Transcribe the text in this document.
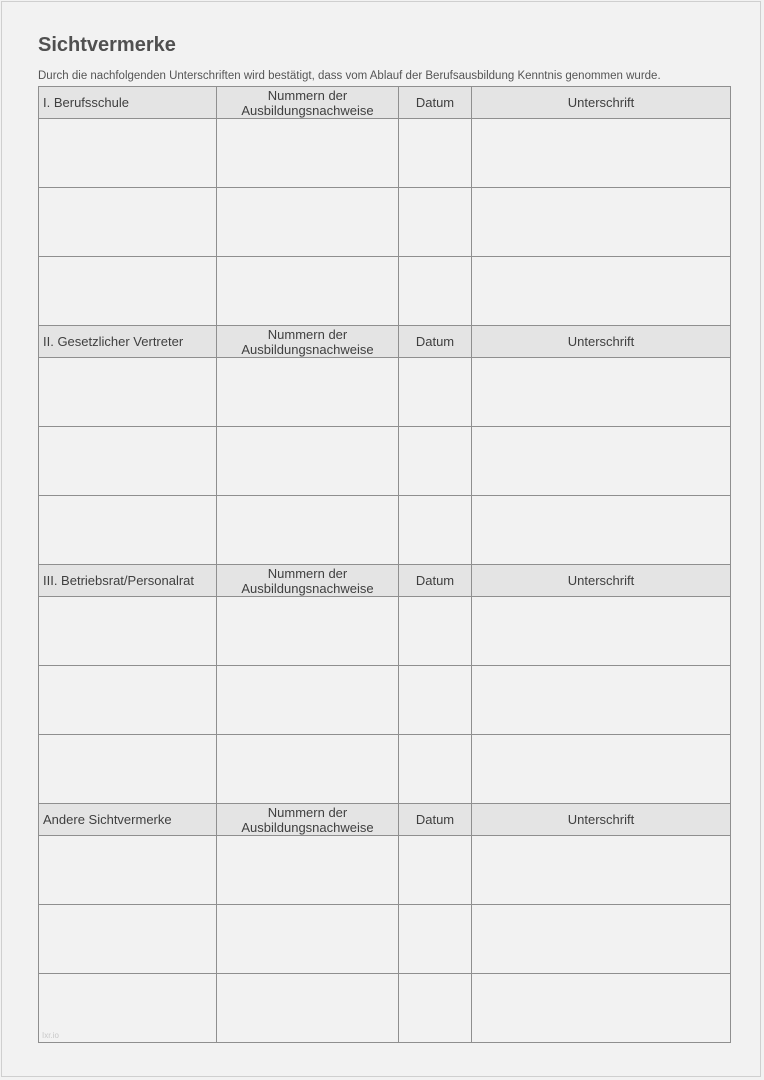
Sichtvermerke
Durch die nachfolgenden Unterschriften wird bestätigt, dass vom Ablauf der Berufsausbildung Kenntnis genommen wurde.
I. Berufsschule	Nummern der
Ausbildungsnachweise	Datum	Unterschrift

II. Gesetzlicher Vertreter	Nummern der
Ausbildungsnachweise	Datum	Unterschrift

III. Betriebsrat/Personalrat	Nummern der
Ausbildungsnachweise	Datum	Unterschrift

Andere Sichtvermerke	Nummern der
Ausbildungsnachweise	Datum	Unterschrift

Ixr.io
